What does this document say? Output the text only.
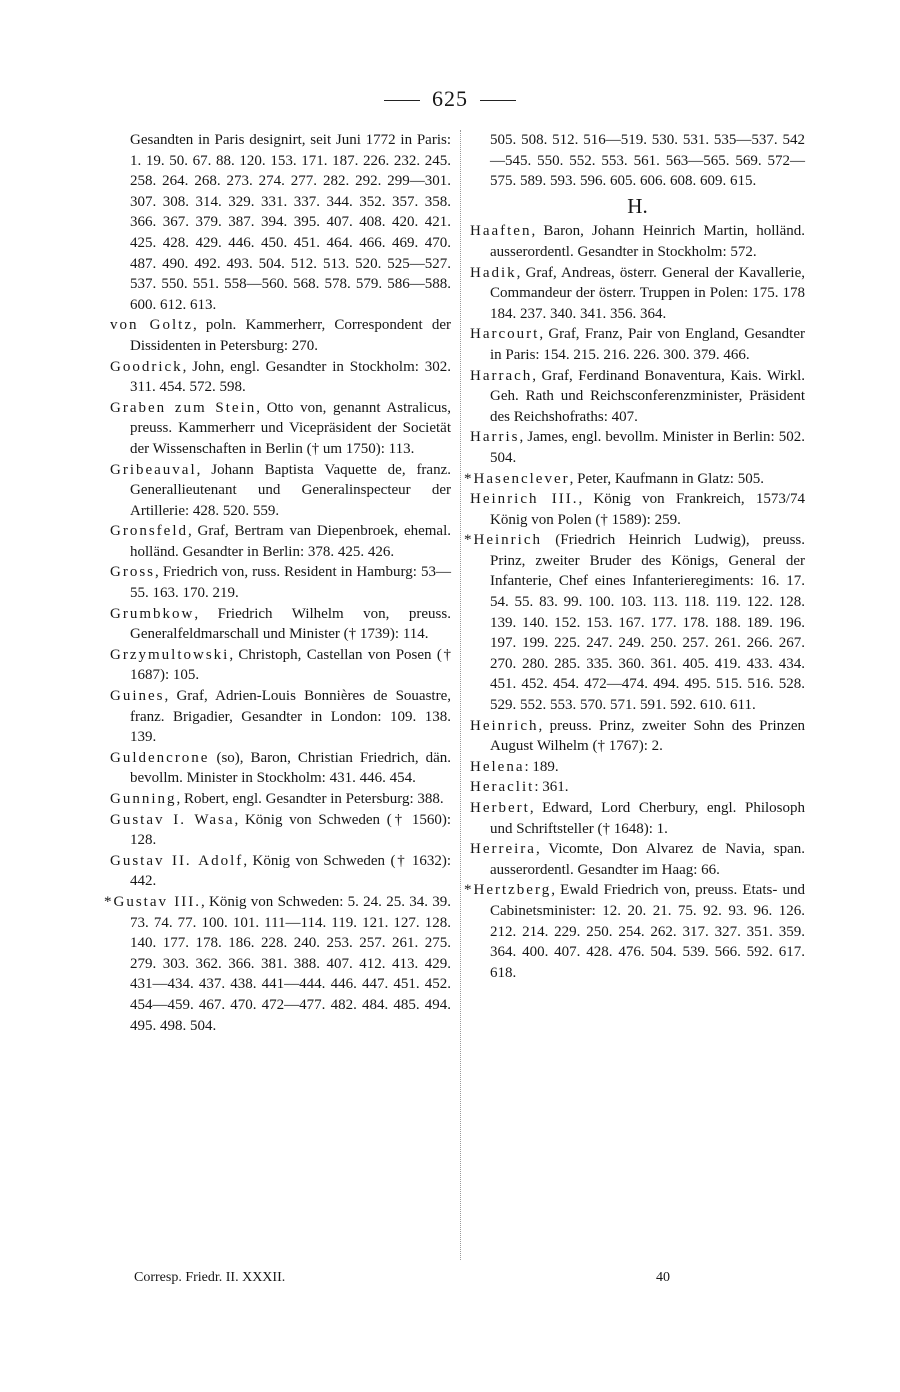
625

Gesandten in Paris designirt, seit Juni 1772 in Paris: 1. 19. 50. 67. 88. 120. 153. 171. 187. 226. 232. 245. 258. 264. 268. 273. 274. 277. 282. 292. 299—301. 307. 308. 314. 329. 331. 337. 344. 352. 357. 358. 366. 367. 379. 387. 394. 395. 407. 408. 420. 421. 425. 428. 429. 446. 450. 451. 464. 466. 469. 470. 487. 490. 492. 493. 504. 512. 513. 520. 525—527. 537. 550. 551. 558—560. 568. 578. 579. 586—588. 600. 612. 613.

von Goltz, poln. Kammerherr, Correspondent der Dissidenten in Petersburg: 270.

Goodrick, John, engl. Gesandter in Stockholm: 302. 311. 454. 572. 598.

Graben zum Stein, Otto von, genannt Astralicus, preuss. Kammerherr und Vicepräsident der Societät der Wissenschaften in Berlin († um 1750): 113.

Gribeauval, Johann Baptista Vaquette de, franz. Generallieutenant und Generalinspecteur der Artillerie: 428. 520. 559.

Gronsfeld, Graf, Bertram van Diepenbroek, ehemal. holländ. Gesandter in Berlin: 378. 425. 426.

Gross, Friedrich von, russ. Resident in Hamburg: 53—55. 163. 170. 219.

Grumbkow, Friedrich Wilhelm von, preuss. Generalfeldmarschall und Minister († 1739): 114.

Grzymultowski, Christoph, Castellan von Posen († 1687): 105.

Guines, Graf, Adrien-Louis Bonnières de Souastre, franz. Brigadier, Gesandter in London: 109. 138. 139.

Guldencrone (so), Baron, Christian Friedrich, dän. bevollm. Minister in Stockholm: 431. 446. 454.

Gunning, Robert, engl. Gesandter in Petersburg: 388.

Gustav I. Wasa, König von Schweden († 1560): 128.

Gustav II. Adolf, König von Schweden († 1632): 442.

*Gustav III., König von Schweden: 5. 24. 25. 34. 39. 73. 74. 77. 100. 101. 111—114. 119. 121. 127. 128. 140. 177. 178. 186. 228. 240. 253. 257. 261. 275. 279. 303. 362. 366. 381. 388. 407. 412. 413. 429. 431—434. 437. 438. 441—444. 446. 447. 451. 452. 454—459. 467. 470. 472—477. 482. 484. 485. 494. 495. 498. 504.

505. 508. 512. 516—519. 530. 531. 535—537. 542—545. 550. 552. 553. 561. 563—565. 569. 572—575. 589. 593. 596. 605. 606. 608. 609. 615.

H.

Haaften, Baron, Johann Heinrich Martin, holländ. ausserordentl. Gesandter in Stockholm: 572.

Hadik, Graf, Andreas, österr. General der Kavallerie, Commandeur der österr. Truppen in Polen: 175. 178 184. 237. 340. 341. 356. 364.

Harcourt, Graf, Franz, Pair von England, Gesandter in Paris: 154. 215. 216. 226. 300. 379. 466.

Harrach, Graf, Ferdinand Bonaventura, Kais. Wirkl. Geh. Rath und Reichsconferenzminister, Präsident des Reichshofraths: 407.

Harris, James, engl. bevollm. Minister in Berlin: 502. 504.

*Hasenclever, Peter, Kaufmann in Glatz: 505.

Heinrich III., König von Frankreich, 1573/74 König von Polen († 1589): 259.

*Heinrich (Friedrich Heinrich Ludwig), preuss. Prinz, zweiter Bruder des Königs, General der Infanterie, Chef eines Infanterieregiments: 16. 17. 54. 55. 83. 99. 100. 103. 113. 118. 119. 122. 128. 139. 140. 152. 153. 167. 177. 178. 188. 189. 196. 197. 199. 225. 247. 249. 250. 257. 261. 266. 267. 270. 280. 285. 335. 360. 361. 405. 419. 433. 434. 451. 452. 454. 472—474. 494. 495. 515. 516. 528. 529. 552. 553. 570. 571. 591. 592. 610. 611.

Heinrich, preuss. Prinz, zweiter Sohn des Prinzen August Wilhelm († 1767): 2.

Helena: 189.

Heraclit: 361.

Herbert, Edward, Lord Cherbury, engl. Philosoph und Schriftsteller († 1648): 1.

Herreira, Vicomte, Don Alvarez de Navia, span. ausserordentl. Gesandter im Haag: 66.

*Hertzberg, Ewald Friedrich von, preuss. Etats- und Cabinetsminister: 12. 20. 21. 75. 92. 93. 96. 126. 212. 214. 229. 250. 254. 262. 317. 327. 351. 359. 364. 400. 407. 428. 476. 504. 539. 566. 592. 617. 618.

Corresp. Friedr. II. XXXII.	40
